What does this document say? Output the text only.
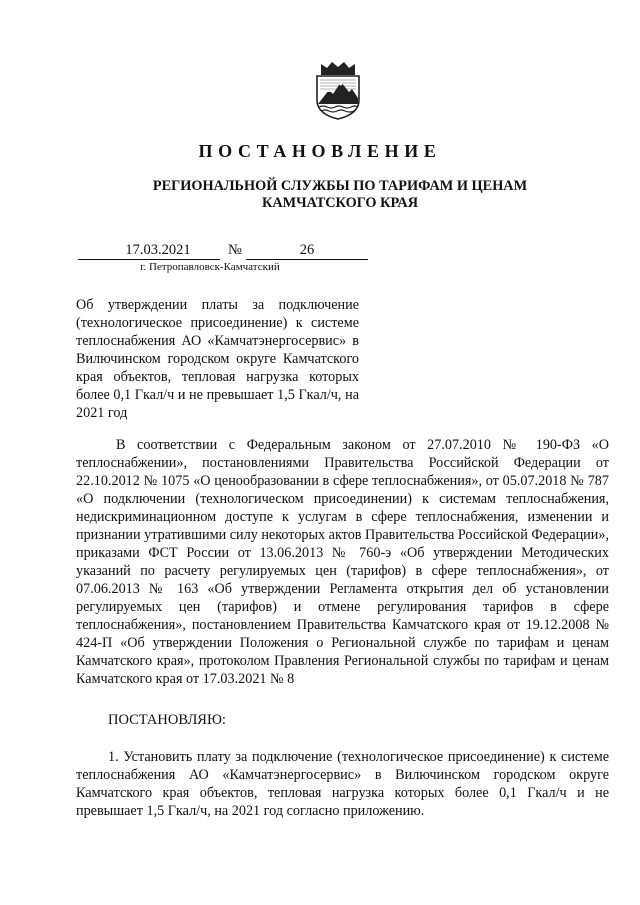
ПОСТАНОВЛЕНИЕ
РЕГИОНАЛЬНОЙ СЛУЖБЫ ПО ТАРИФАМ И ЦЕНАМ
КАМЧАТСКОГО КРАЯ
17.03.2021	№	26
г. Петропавловск-Камчатский
Об утверждении платы за подключение (технологическое присоединение) к системе теплоснабжения АО «Камчатэнергосервис» в Вилючинском городском округе Камчатского края объектов, тепловая нагрузка которых более 0,1 Гкал/ч и не превышает 1,5 Гкал/ч, на 2021 год

В соответствии с Федеральным законом от 27.07.2010 № 190-ФЗ «О теплоснабжении», постановлениями Правительства Российской Федерации от 22.10.2012 № 1075 «О ценообразовании в сфере теплоснабжения», от 05.07.2018 № 787 «О подключении (технологическом присоединении) к системам теплоснабжения, недискриминационном доступе к услугам в сфере теплоснабжения, изменении и признании утратившими силу некоторых актов Правительства Российской Федерации», приказами ФСТ России от 13.06.2013 № 760-э «Об утверждении Методических указаний по расчету регулируемых цен (тарифов) в сфере теплоснабжения», от 07.06.2013 № 163 «Об утверждении Регламента открытия дел об установлении регулируемых цен (тарифов) и отмене регулирования тарифов в сфере теплоснабжения», постановлением Правительства Камчатского края от 19.12.2008 № 424-П «Об утверждении Положения о Региональной службе по тарифам и ценам Камчатского края», протоколом Правления Региональной службы по тарифам и ценам Камчатского края от 17.03.2021 № 8

ПОСТАНОВЛЯЮ:

1. Установить плату за подключение (технологическое присоединение) к системе теплоснабжения АО «Камчатэнергосервис» в Вилючинском городском округе Камчатского края объектов, тепловая нагрузка которых более 0,1 Гкал/ч и не превышает 1,5 Гкал/ч, на 2021 год согласно приложению.
